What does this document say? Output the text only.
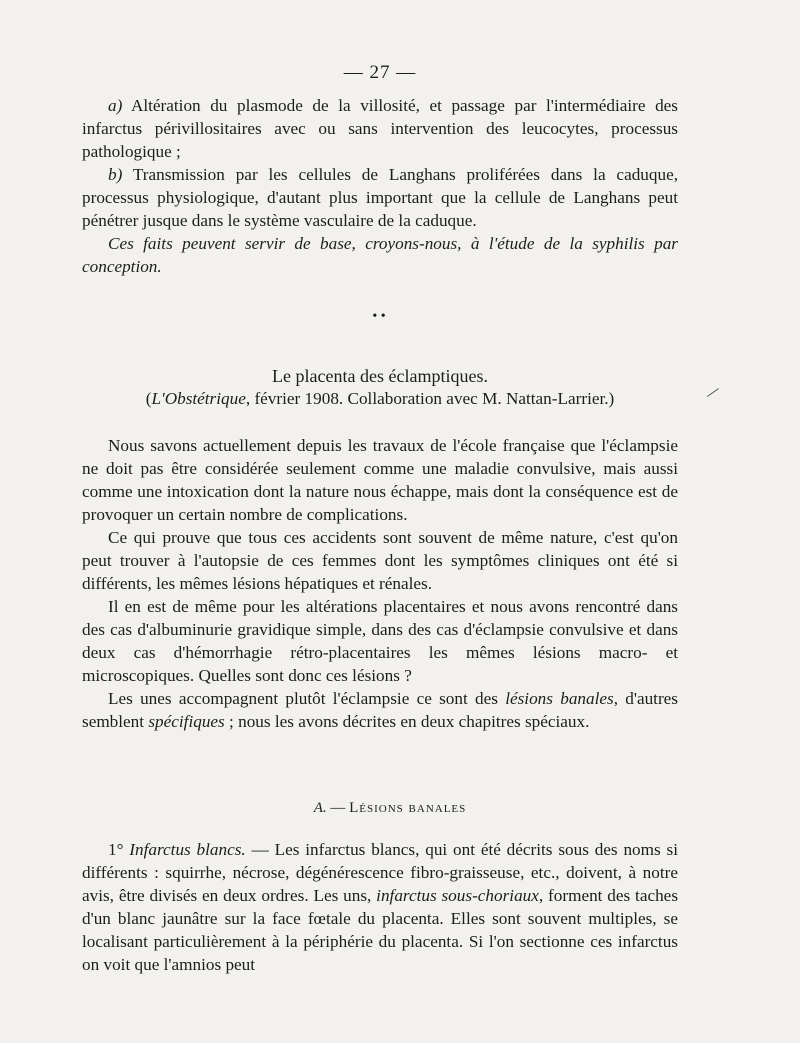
— 27 —

a) Altération du plasmode de la villosité, et passage par l'intermédiaire des infarctus périvillositaires avec ou sans intervention des leucocytes, processus pathologique ;

b) Transmission par les cellules de Langhans proliférées dans la caduque, processus physiologique, d'autant plus important que la cellule de Langhans peut pénétrer jusque dans le système vasculaire de la caduque.

Ces faits peuvent servir de base, croyons-nous, à l'étude de la syphilis par conception.

• •
Le placenta des éclamptiques.
(L'Obstétrique, février 1908. Collaboration avec M. Nattan-Larrier.)

Nous savons actuellement depuis les travaux de l'école française que l'éclampsie ne doit pas être considérée seulement comme une maladie convulsive, mais aussi comme une intoxication dont la nature nous échappe, mais dont la conséquence est de provoquer un certain nombre de complications.

Ce qui prouve que tous ces accidents sont souvent de même nature, c'est qu'on peut trouver à l'autopsie de ces femmes dont les symptômes cliniques ont été si différents, les mêmes lésions hépatiques et rénales.

Il en est de même pour les altérations placentaires et nous avons rencontré dans des cas d'albuminurie gravidique simple, dans des cas d'éclampsie convulsive et dans deux cas d'hémorrhagie rétro-placentaires les mêmes lésions macro- et microscopiques. Quelles sont donc ces lésions ?

Les unes accompagnent plutôt l'éclampsie ce sont des lésions banales, d'autres semblent spécifiques ; nous les avons décrites en deux chapitres spéciaux.

A. — Lésions banales

1° Infarctus blancs. — Les infarctus blancs, qui ont été décrits sous des noms si différents : squirrhe, nécrose, dégénérescence fibro-graisseuse, etc., doivent, à notre avis, être divisés en deux ordres. Les uns, infarctus sous-choriaux, forment des taches d'un blanc jaunâtre sur la face fœtale du placenta. Elles sont souvent multiples, se localisant particulièrement à la périphérie du placenta. Si l'on sectionne ces infarctus on voit que l'amnios peut
